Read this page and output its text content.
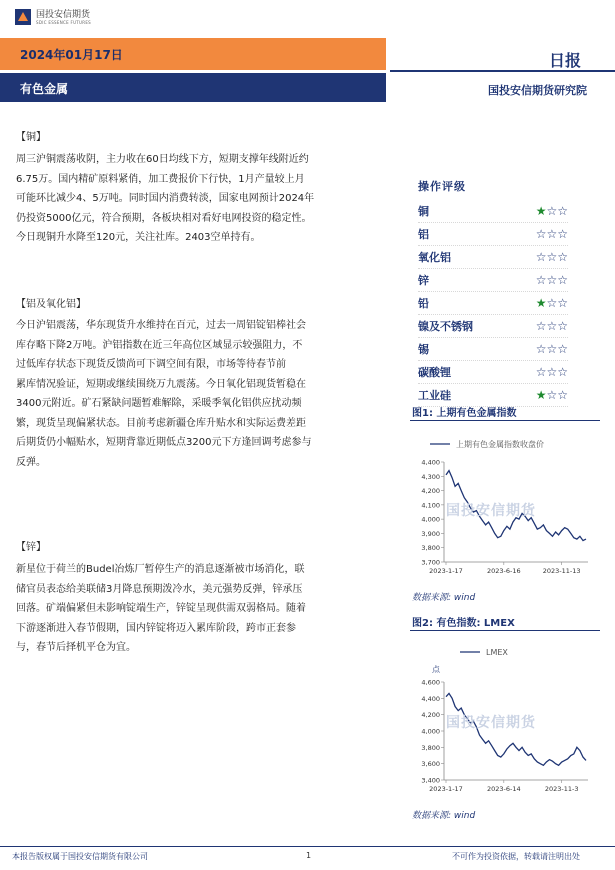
国投安信期货
SDIC ESSENCE FUTURES
2024年01月17日
有色金属
日报
国投安信期货研究院
【铜】
周三沪铜震荡收阴，主力收在60日均线下方，短期支撑年线附近约
6.75万。国内精矿原料紧俏，加工费报价下行快，1月产量较上月
可能环比减少4、5万吨。同时国内消费转淡，国家电网预计2024年
仍投资5000亿元，符合预期，各板块相对看好电网投资的稳定性。
今日现铜升水降至120元，关注社库。2403空单持有。
【铝及氧化铝】
今日沪铝震荡，华东现货升水维持在百元，过去一周铝锭铝棒社会
库存略下降2万吨。沪铝指数在近三年高位区域显示较强阻力，不
过低库存状态下现货反馈尚可下调空间有限，市场等待春节前
累库情况验证，短期或继续围绕万九震荡。今日氧化铝现货暂稳在
3400元附近。矿石紧缺问题暂难解除，采暖季氧化铝供应扰动频
繁，现货呈现偏紧状态。目前考虑新疆仓库升贴水和实际运费差距
后期货仍小幅贴水，短期背靠近期低点3200元下方逢回调考虑参与
反弹。
【锌】
新星位于荷兰的Budel冶炼厂暂停生产的消息逐渐被市场消化，联
储官员表态给美联储3月降息预期泼冷水，美元强势反弹，锌承压
回落。矿端偏紧但未影响锭端生产，锌锭呈现供需双弱格局。随着
下游逐渐进入春节假期，国内锌锭将迈入累库阶段，跨市正套参
与，春节后择机平仓为宜。
操作评级
铜	★☆☆
铝	☆☆☆
氧化铝	☆☆☆
锌	☆☆☆
铅	★☆☆
镍及不锈钢	☆☆☆
锡	☆☆☆
碳酸锂	☆☆☆
工业硅	★☆☆
图1: 上期有色金属指数
上期有色金属指数收盘价
3,700
3,800
3,900
4,000
4,100
4,200
4,300
4,400
2023-1-17	2023-6-16	2023-11-13
国投安信期货
数据来源: wind
图2: 有色指数: LMEX
LMEX
点
3,400
3,600
3,800
4,000
4,200
4,400
4,600
2023-1-17	2023-6-14	2023-11-3
国投安信期货
数据来源: wind
本报告版权属于国投安信期货有限公司	1	不可作为投资依据，转载请注明出处
